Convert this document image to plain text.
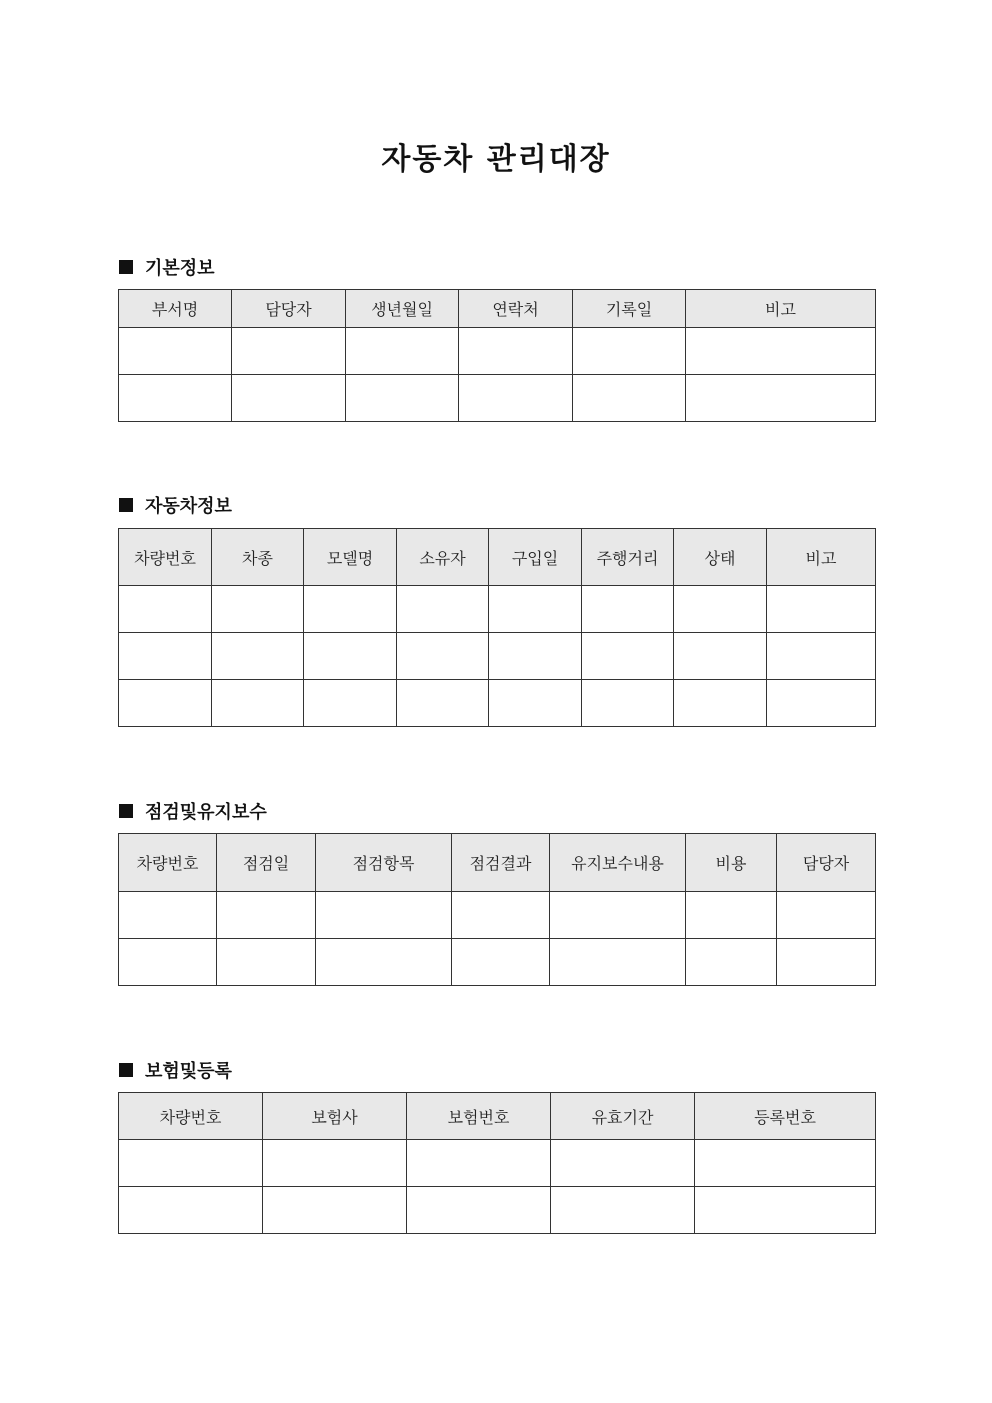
자동차 관리대장
기본정보
부서명	담당자	생년월일	연락처	기록일	비고

자동차정보
차량번호	차종	모델명	소유자	구입일	주행거리	상태	비고

점검및유지보수
차량번호	점검일	점검항목	점검결과	유지보수내용	비용	담당자

보험및등록
차량번호	보험사	보험번호	유효기간	등록번호
